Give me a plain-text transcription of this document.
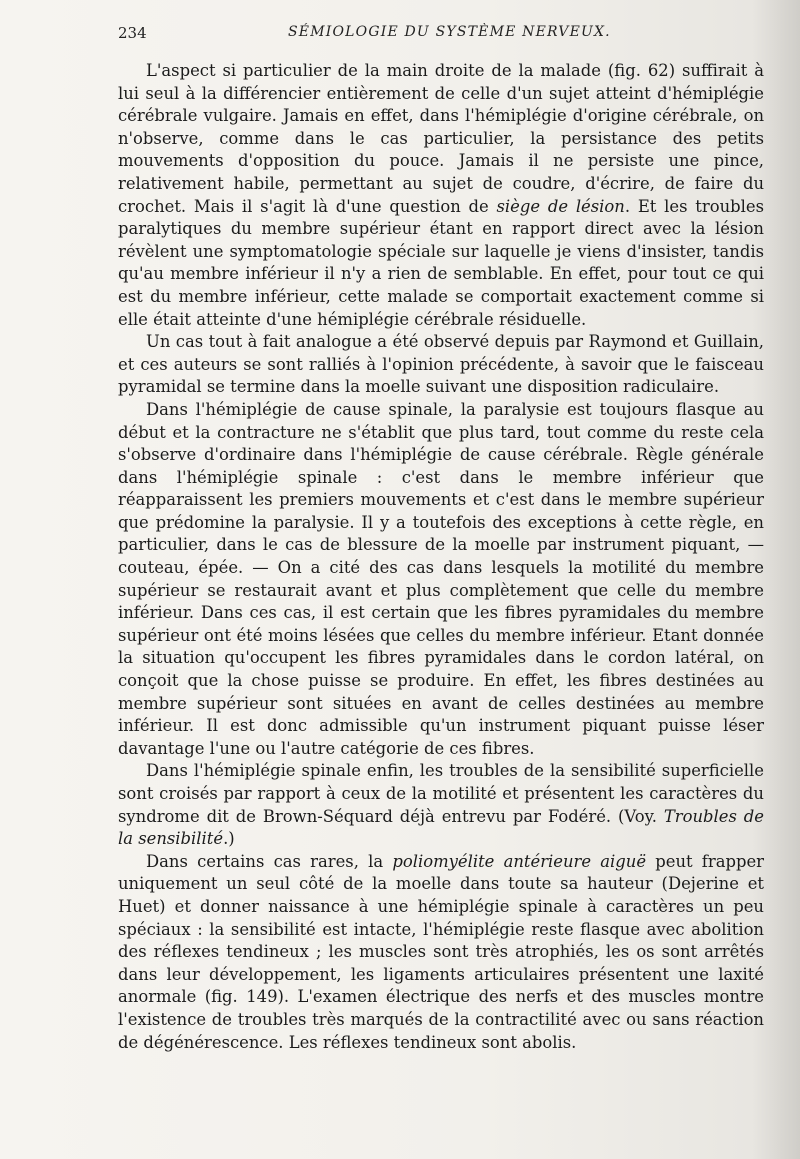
234	SÉMIOLOGIE DU SYSTÈME NERVEUX.

L'aspect si particulier de la main droite de la malade (fig. 62) suffirait à lui seul à la différencier entièrement de celle d'un sujet atteint d'hémiplégie cérébrale vulgaire. Jamais en effet, dans l'hémiplégie d'origine cérébrale, on n'observe, comme dans le cas particulier, la persistance des petits mouvements d'opposition du pouce. Jamais il ne persiste une pince, relativement habile, permettant au sujet de coudre, d'écrire, de faire du crochet. Mais il s'agit là d'une question de siège de lésion. Et les troubles paralytiques du membre supérieur étant en rapport direct avec la lésion révèlent une symptomatologie spéciale sur laquelle je viens d'insister, tandis qu'au membre inférieur il n'y a rien de semblable. En effet, pour tout ce qui est du membre inférieur, cette malade se comportait exactement comme si elle était atteinte d'une hémiplégie cérébrale résiduelle.

Un cas tout à fait analogue a été observé depuis par Raymond et Guillain, et ces auteurs se sont ralliés à l'opinion précédente, à savoir que le faisceau pyramidal se termine dans la moelle suivant une disposition radiculaire.

Dans l'hémiplégie de cause spinale, la paralysie est toujours flasque au début et la contracture ne s'établit que plus tard, tout comme du reste cela s'observe d'ordinaire dans l'hémiplégie de cause cérébrale. Règle générale dans l'hémiplégie spinale : c'est dans le membre inférieur que réapparaissent les premiers mouvements et c'est dans le membre supérieur que prédomine la paralysie. Il y a toutefois des exceptions à cette règle, en particulier, dans le cas de blessure de la moelle par instrument piquant, — couteau, épée. — On a cité des cas dans lesquels la motilité du membre supérieur se restaurait avant et plus complètement que celle du membre inférieur. Dans ces cas, il est certain que les fibres pyramidales du membre supérieur ont été moins lésées que celles du membre inférieur. Etant donnée la situation qu'occupent les fibres pyramidales dans le cordon latéral, on conçoit que la chose puisse se produire. En effet, les fibres destinées au membre supérieur sont situées en avant de celles destinées au membre inférieur. Il est donc admissible qu'un instrument piquant puisse léser davantage l'une ou l'autre catégorie de ces fibres.

Dans l'hémiplégie spinale enfin, les troubles de la sensibilité superficielle sont croisés par rapport à ceux de la motilité et présentent les caractères du syndrome dit de Brown-Séquard déjà entrevu par Fodéré. (Voy. Troubles de la sensibilité.)

Dans certains cas rares, la poliomyélite antérieure aiguë peut frapper uniquement un seul côté de la moelle dans toute sa hauteur (Dejerine et Huet) et donner naissance à une hémiplégie spinale à caractères un peu spéciaux : la sensibilité est intacte, l'hémiplégie reste flasque avec abolition des réflexes tendineux ; les muscles sont très atrophiés, les os sont arrêtés dans leur développement, les ligaments articulaires présentent une laxité anormale (fig. 149). L'examen électrique des nerfs et des muscles montre l'existence de troubles très marqués de la contractilité avec ou sans réaction de dégénérescence. Les réflexes tendineux sont abolis.
